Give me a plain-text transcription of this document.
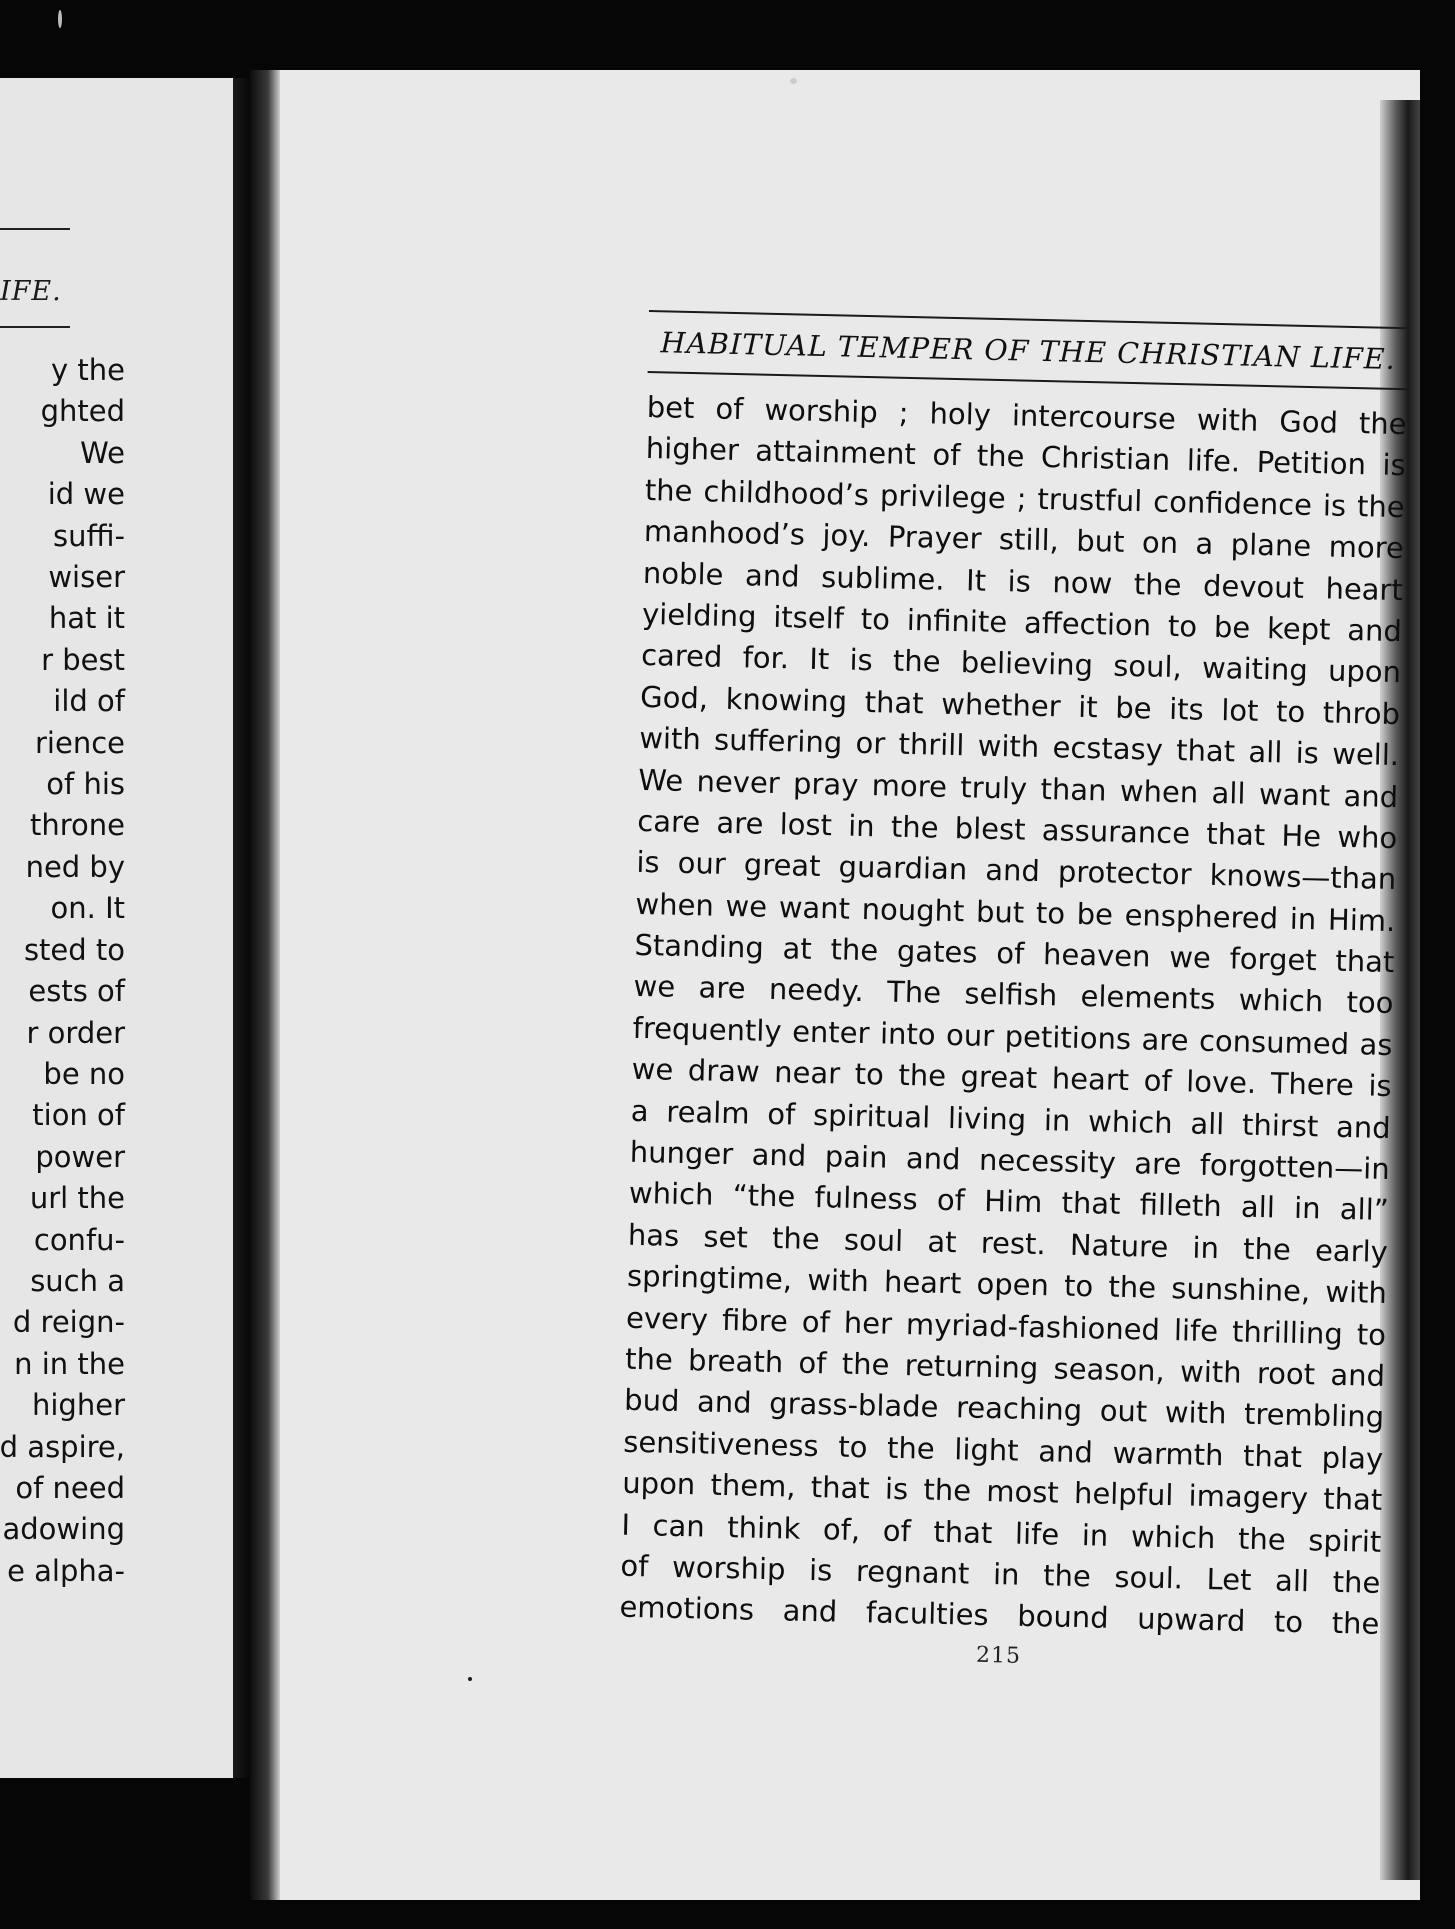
IFE.
y the
ghted
We
id we
suffi-
wiser
hat it
r best
ild of
rience
of his
throne
ned by
on. It
sted to
ests of
r order
be no
tion of
power
url the
confu-
such a
d reign-
n in the
higher
d aspire,
of need
adowing
e alpha-
HABITUAL TEMPER OF THE CHRISTIAN LIFE.
bet of worship ; holy intercourse with God the
higher attainment of the Christian life. Petition is
the childhood’s privilege ; trustful confidence is the
manhood’s joy. Prayer still, but on a plane more
noble and sublime. It is now the devout heart
yielding itself to infinite affection to be kept and
cared for. It is the believing soul, waiting upon
God, knowing that whether it be its lot to throb
with suffering or thrill with ecstasy that all is well.
We never pray more truly than when all want and
care are lost in the blest assurance that He who
is our great guardian and protector knows—than
when we want nought but to be ensphered in Him.
Standing at the gates of heaven we forget that
we are needy. The selfish elements which too
frequently enter into our petitions are consumed as
we draw near to the great heart of love. There is
a realm of spiritual living in which all thirst and
hunger and pain and necessity are forgotten—in
which “the fulness of Him that filleth all in all”
has set the soul at rest. Nature in the early
springtime, with heart open to the sunshine, with
every fibre of her myriad-fashioned life thrilling to
the breath of the returning season, with root and
bud and grass-blade reaching out with trembling
sensitiveness to the light and warmth that play
upon them, that is the most helpful imagery that
I can think of, of that life in which the spirit
of worship is regnant in the soul. Let all the
emotions and faculties bound upward to the
215
